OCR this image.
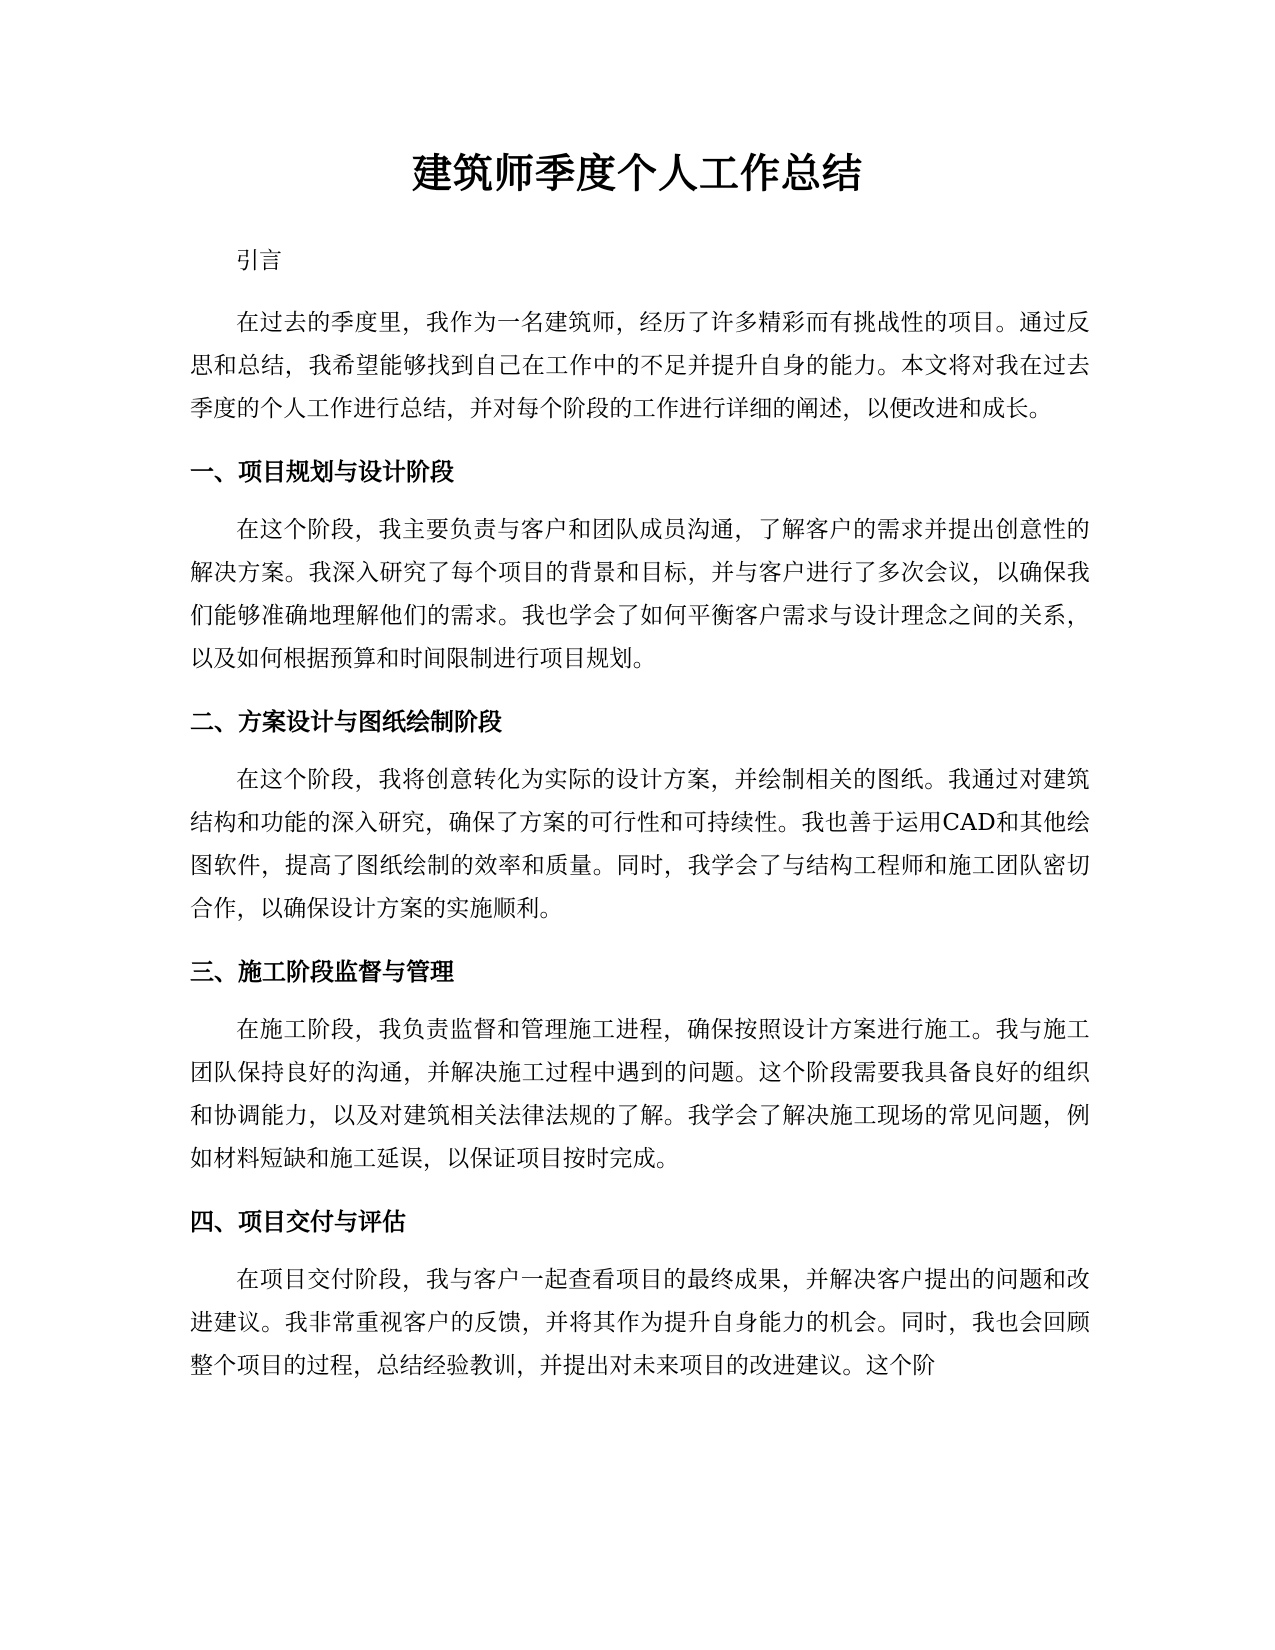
建筑师季度个人工作总结

引言

在过去的季度里，我作为一名建筑师，经历了许多精彩而有挑战性的项目。通过反思和总结，我希望能够找到自己在工作中的不足并提升自身的能力。本文将对我在过去季度的个人工作进行总结，并对每个阶段的工作进行详细的阐述，以便改进和成长。

一、项目规划与设计阶段

在这个阶段，我主要负责与客户和团队成员沟通，了解客户的需求并提出创意性的解决方案。我深入研究了每个项目的背景和目标，并与客户进行了多次会议，以确保我们能够准确地理解他们的需求。我也学会了如何平衡客户需求与设计理念之间的关系，以及如何根据预算和时间限制进行项目规划。

二、方案设计与图纸绘制阶段

在这个阶段，我将创意转化为实际的设计方案，并绘制相关的图纸。我通过对建筑结构和功能的深入研究，确保了方案的可行性和可持续性。我也善于运用CAD和其他绘图软件，提高了图纸绘制的效率和质量。同时，我学会了与结构工程师和施工团队密切合作，以确保设计方案的实施顺利。

三、施工阶段监督与管理

在施工阶段，我负责监督和管理施工进程，确保按照设计方案进行施工。我与施工团队保持良好的沟通，并解决施工过程中遇到的问题。这个阶段需要我具备良好的组织和协调能力，以及对建筑相关法律法规的了解。我学会了解决施工现场的常见问题，例如材料短缺和施工延误，以保证项目按时完成。

四、项目交付与评估

在项目交付阶段，我与客户一起查看项目的最终成果，并解决客户提出的问题和改进建议。我非常重视客户的反馈，并将其作为提升自身能力的机会。同时，我也会回顾整个项目的过程，总结经验教训，并提出对未来项目的改进建议。这个阶
